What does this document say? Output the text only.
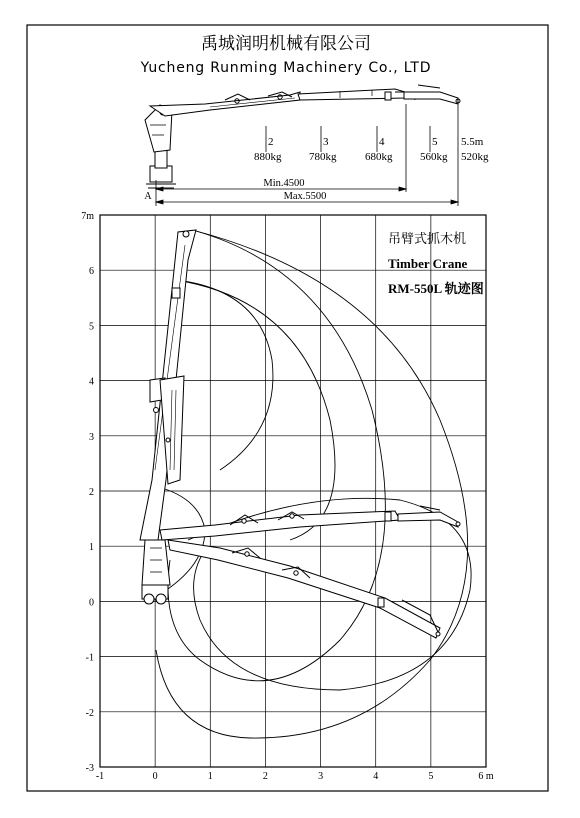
禹城润明机械有限公司
Yucheng Runming Machinery Co., LTD
2
880kg
3
780kg
4
680kg
5
560kg
5.5m
520kg
Min.4500
Max.5500
A
7m
6
5
4
3
2
1
0
-1
-2
-3
-1	0	1	2	3	4	5	6 m
吊臂式抓木机
Timber Crane
RM-550L 轨迹图
